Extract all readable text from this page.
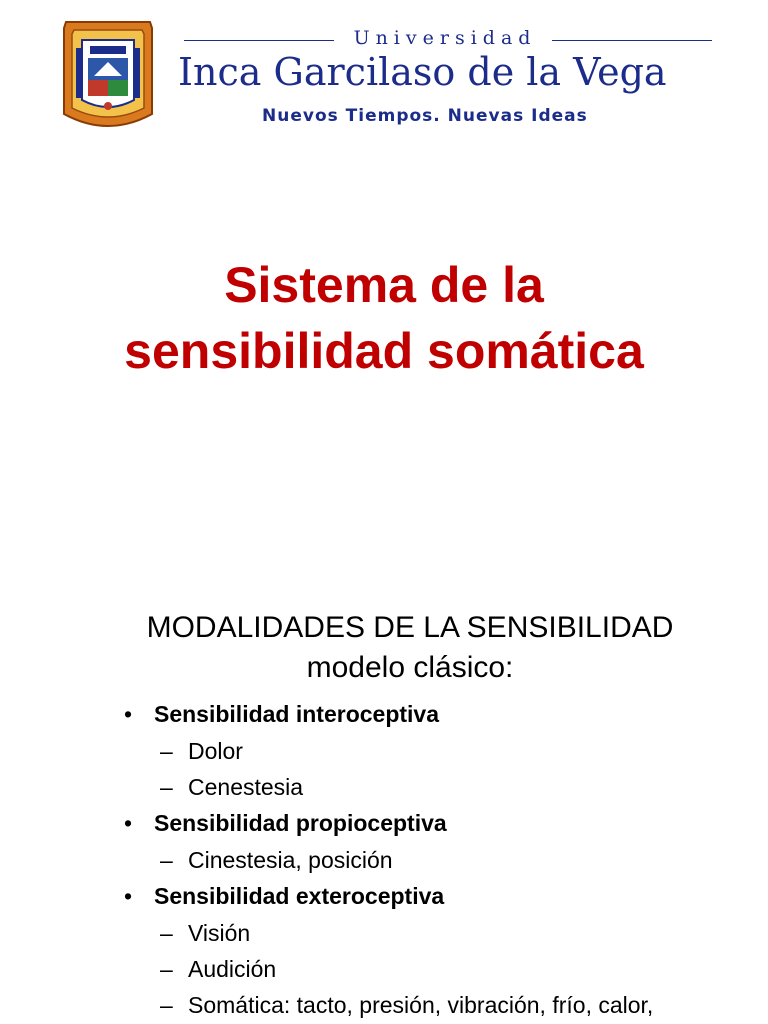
Universidad
Inca Garcilaso de la Vega
Nuevos Tiempos. Nuevas Ideas
Sistema de la
sensibilidad somática
MODALIDADES DE LA SENSIBILIDAD
modelo clásico:
• Sensibilidad interoceptiva
– Dolor
– Cenestesia
• Sensibilidad propioceptiva
– Cinestesia, posición
• Sensibilidad exteroceptiva
– Visión
– Audición
– Somática: tacto, presión, vibración, frío, calor,
